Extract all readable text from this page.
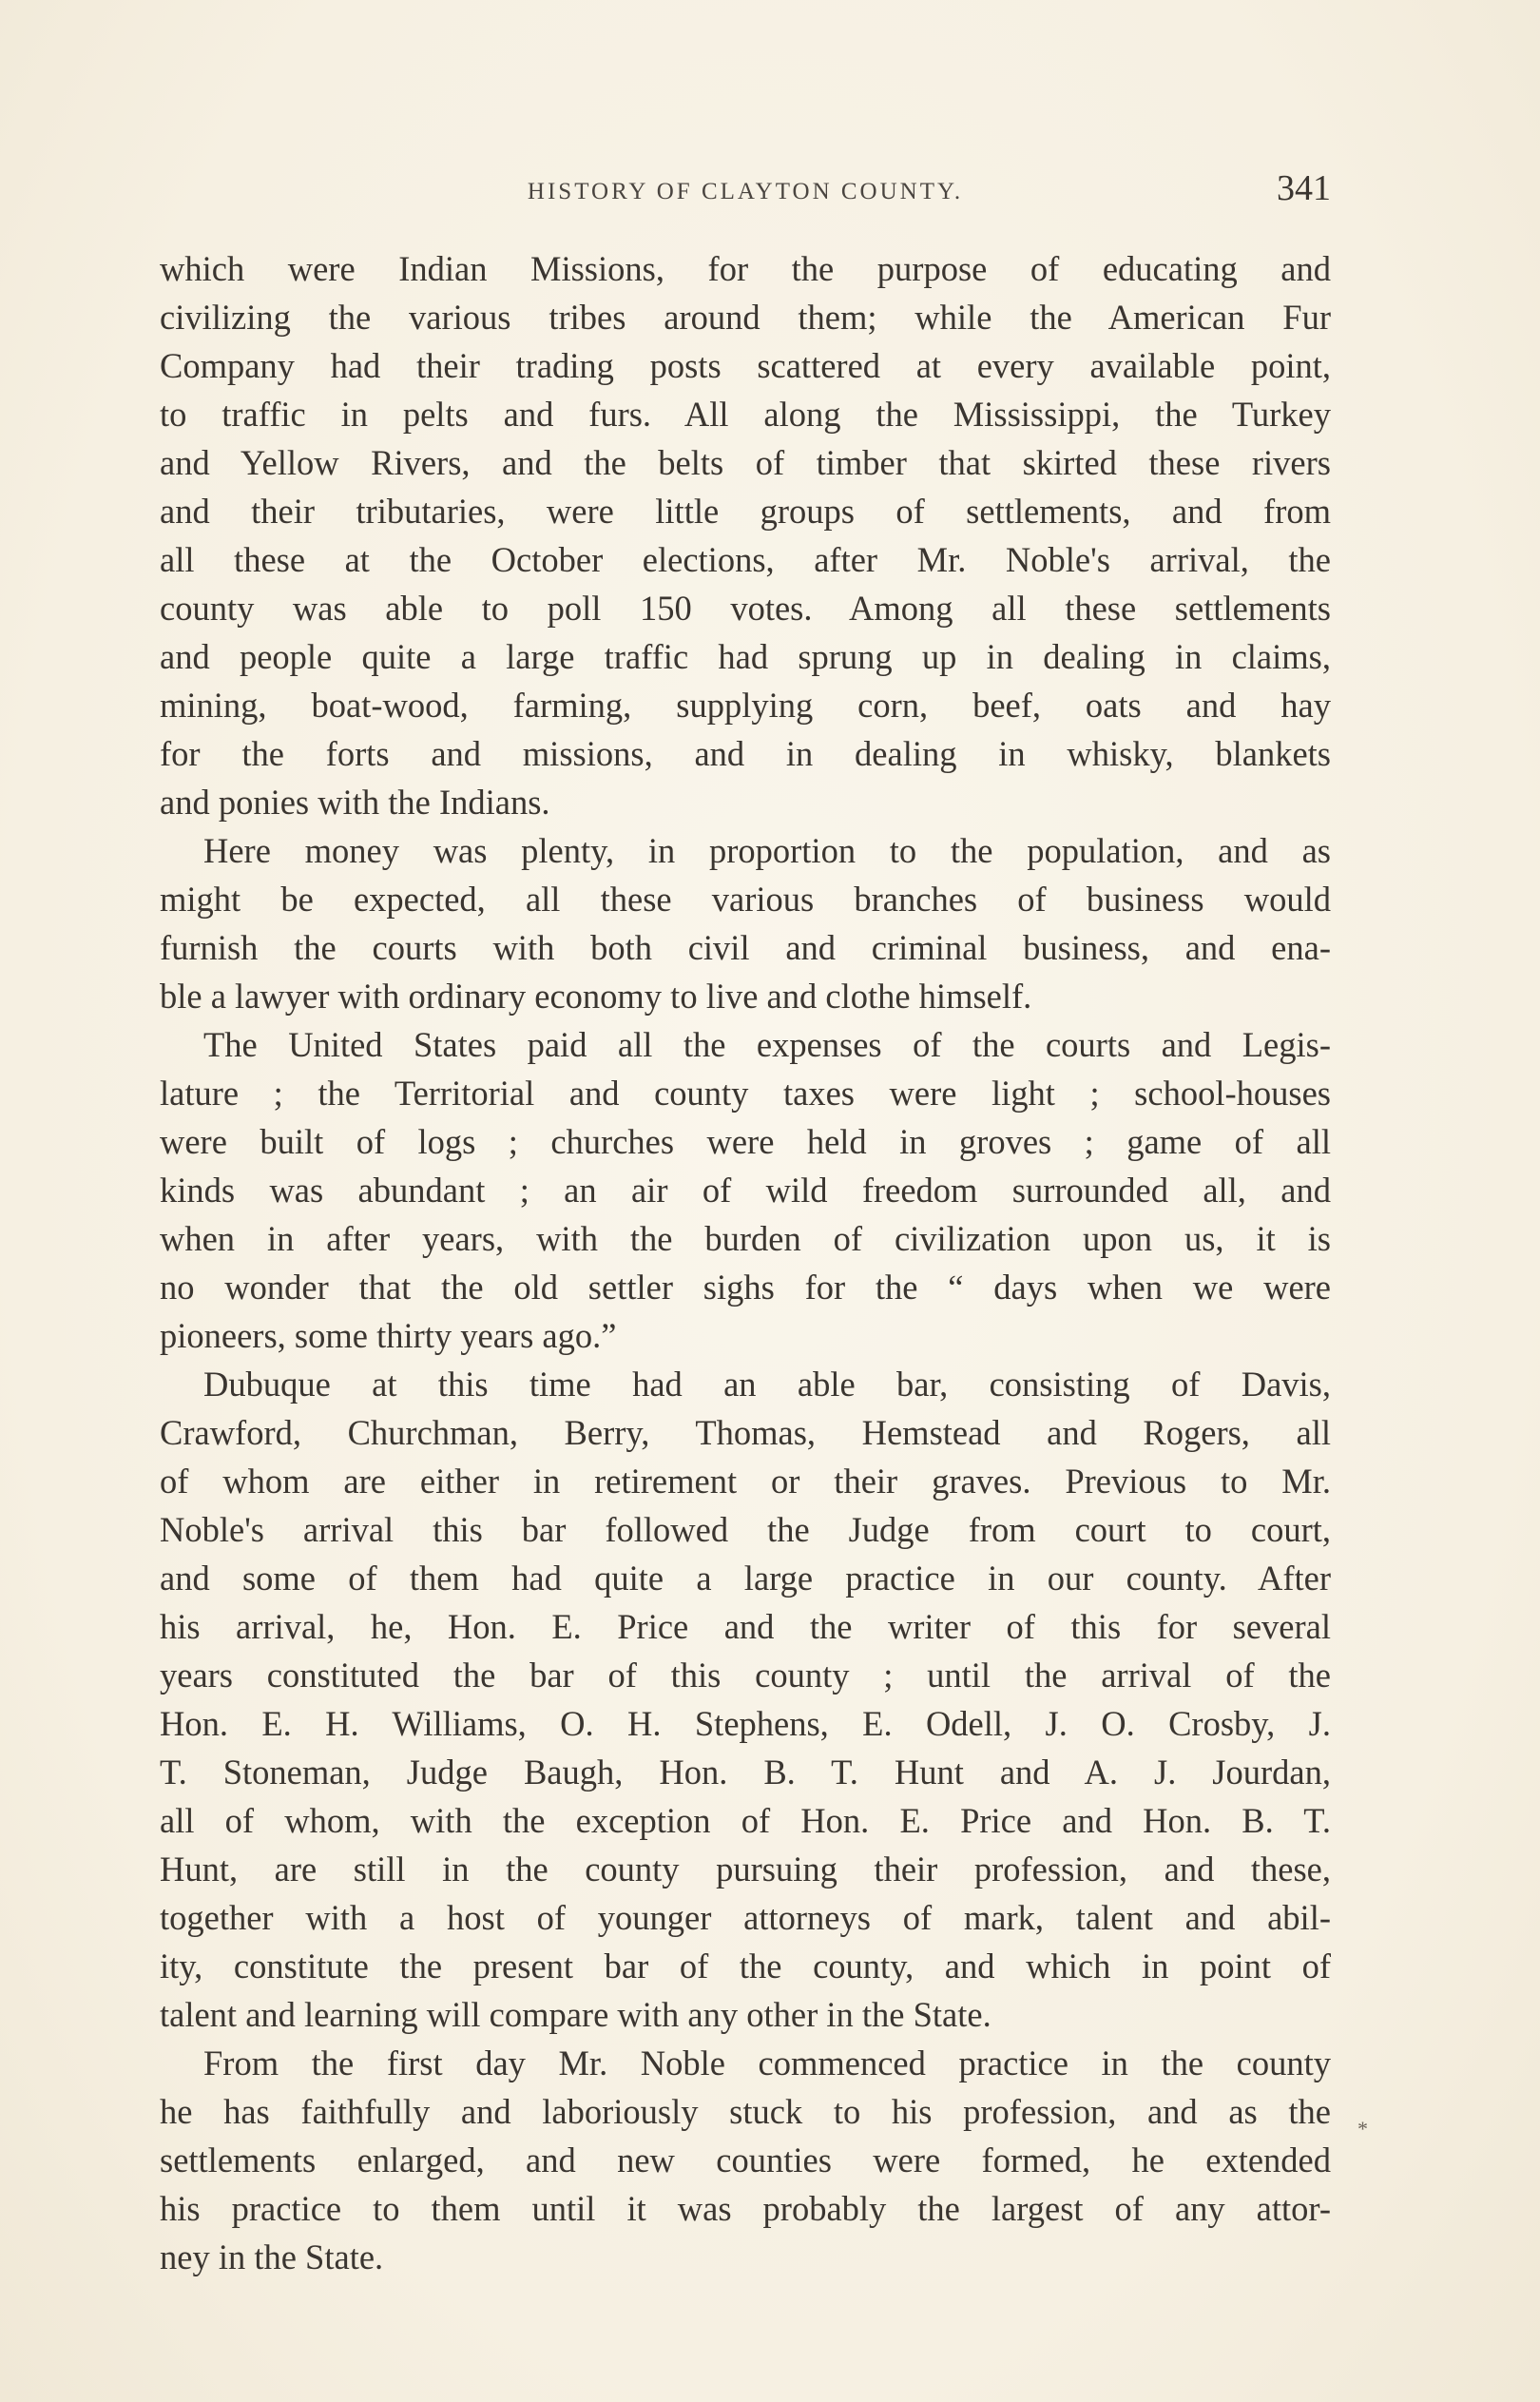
HISTORY OF CLAYTON COUNTY.	341
which were Indian Missions, for the purpose of educating and
civilizing the various tribes around them; while the American Fur
Company had their trading posts scattered at every available point,
to traffic in pelts and furs. All along the Mississippi, the Turkey
and Yellow Rivers, and the belts of timber that skirted these rivers
and their tributaries, were little groups of settlements, and from
all these at the October elections, after Mr. Noble's arrival, the
county was able to poll 150 votes. Among all these settlements
and people quite a large traffic had sprung up in dealing in claims,
mining, boat-wood, farming, supplying corn, beef, oats and hay
for the forts and missions, and in dealing in whisky, blankets
and ponies with the Indians.
Here money was plenty, in proportion to the population, and as
might be expected, all these various branches of business would
furnish the courts with both civil and criminal business, and ena-
ble a lawyer with ordinary economy to live and clothe himself.
The United States paid all the expenses of the courts and Legis-
lature ; the Territorial and county taxes were light ; school-houses
were built of logs ; churches were held in groves ; game of all
kinds was abundant ; an air of wild freedom surrounded all, and
when in after years, with the burden of civilization upon us, it is
no wonder that the old settler sighs for the “ days when we were
pioneers, some thirty years ago.”
Dubuque at this time had an able bar, consisting of Davis,
Crawford, Churchman, Berry, Thomas, Hemstead and Rogers, all
of whom are either in retirement or their graves. Previous to Mr.
Noble's arrival this bar followed the Judge from court to court,
and some of them had quite a large practice in our county. After
his arrival, he, Hon. E. Price and the writer of this for several
years constituted the bar of this county ; until the arrival of the
Hon. E. H. Williams, O. H. Stephens, E. Odell, J. O. Crosby, J.
T. Stoneman, Judge Baugh, Hon. B. T. Hunt and A. J. Jourdan,
all of whom, with the exception of Hon. E. Price and Hon. B. T.
Hunt, are still in the county pursuing their profession, and these,
together with a host of younger attorneys of mark, talent and abil-
ity, constitute the present bar of the county, and which in point of
talent and learning will compare with any other in the State.
From the first day Mr. Noble commenced practice in the county
he has faithfully and laboriously stuck to his profession, and as the
settlements enlarged, and new counties were formed, he extended
his practice to them until it was probably the largest of any attor-
ney in the State.
*
